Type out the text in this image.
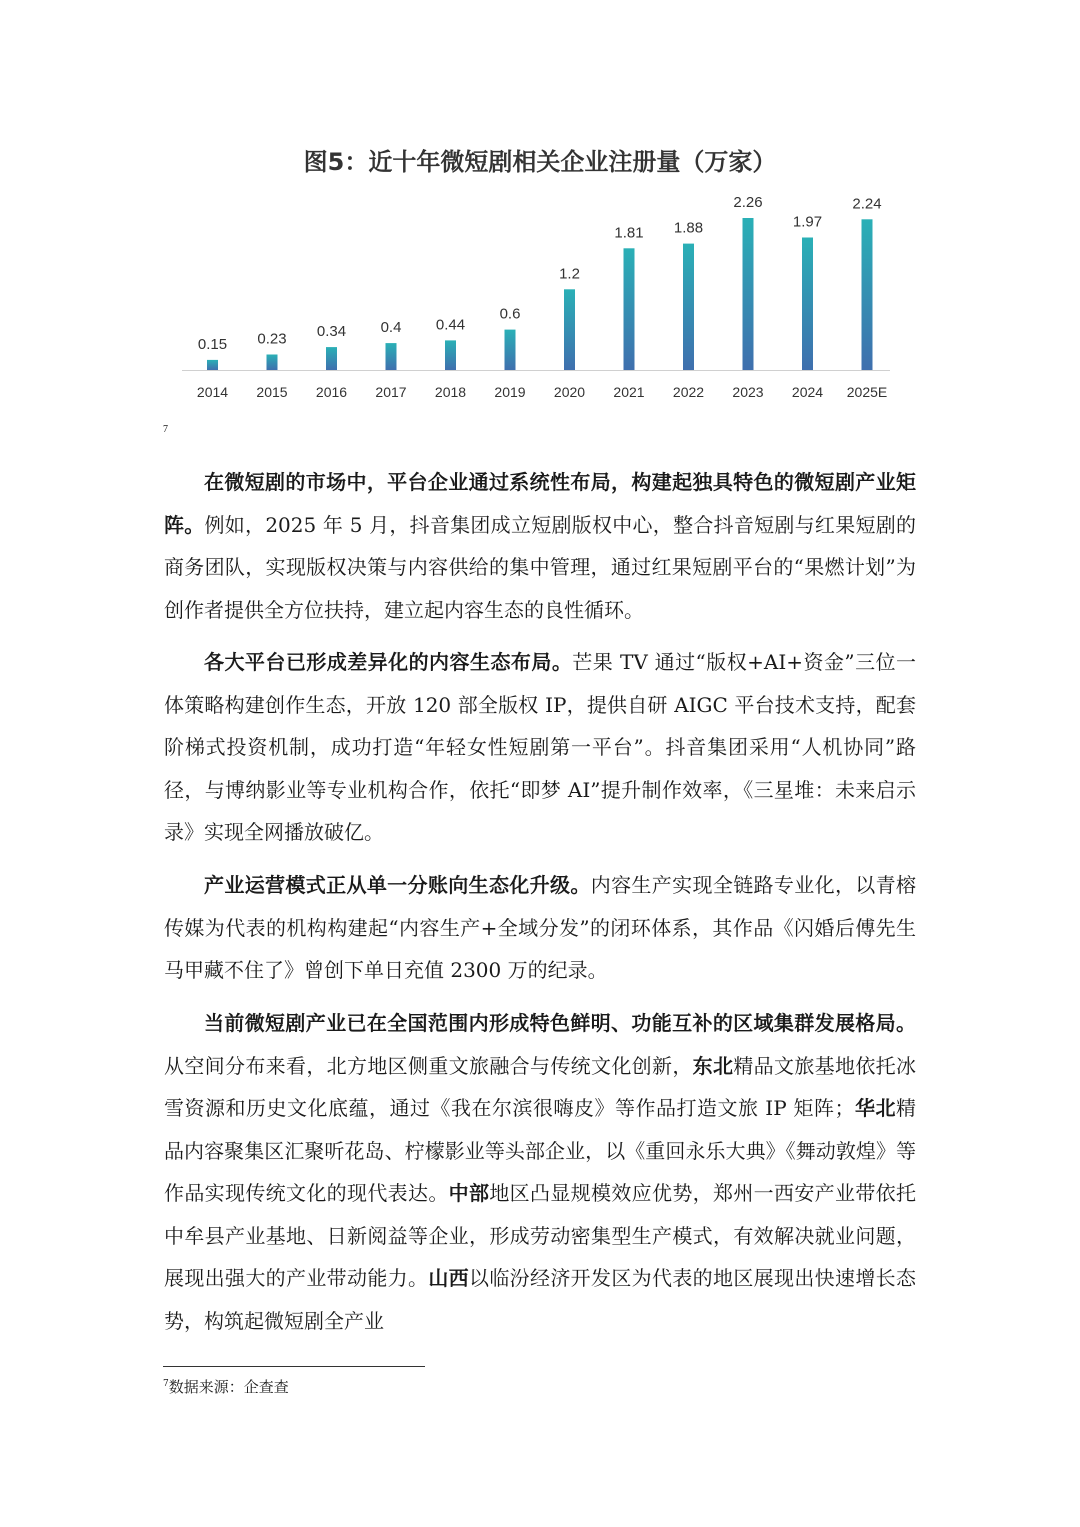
图5：近十年微短剧相关企业注册量（万家）
0.15
2014
0.23
2015
0.34
2016
0.4
2017
0.44
2018
0.6
2019
1.2
2020
1.81
2021
1.88
2022
2.26
2023
1.97
2024
2.24
2025E
7

在微短剧的市场中，平台企业通过系统性布局，构建起独具特色的微短剧产业矩阵。例如，2025 年 5 月，抖音集团成立短剧版权中心，整合抖音短剧与红果短剧的商务团队，实现版权决策与内容供给的集中管理，通过红果短剧平台的“果燃计划”为创作者提供全方位扶持，建立起内容生态的良性循环。

各大平台已形成差异化的内容生态布局。芒果 TV 通过“版权+AI+资金”三位一体策略构建创作生态，开放 120 部全版权 IP，提供自研 AIGC 平台技术支持，配套阶梯式投资机制，成功打造“年轻女性短剧第一平台”。抖音集团采用“人机协同”路径，与博纳影业等专业机构合作，依托“即梦 AI”提升制作效率，《三星堆：未来启示录》实现全网播放破亿。

产业运营模式正从单一分账向生态化升级。内容生产实现全链路专业化，以青榕传媒为代表的机构构建起“内容生产+全域分发”的闭环体系，其作品《闪婚后傅先生马甲藏不住了》曾创下单日充值 2300 万的纪录。

当前微短剧产业已在全国范围内形成特色鲜明、功能互补的区域集群发展格局。从空间分布来看，北方地区侧重文旅融合与传统文化创新，东北精品文旅基地依托冰雪资源和历史文化底蕴，通过《我在尔滨很嗨皮》等作品打造文旅 IP 矩阵；华北精品内容聚集区汇聚听花岛、柠檬影业等头部企业，以《重回永乐大典》《舞动敦煌》等作品实现传统文化的现代表达。中部地区凸显规模效应优势，郑州一西安产业带依托中牟县产业基地、日新阅益等企业，形成劳动密集型生产模式，有效解决就业问题，展现出强大的产业带动能力。山西以临汾经济开发区为代表的地区展现出快速增长态势，构筑起微短剧全产业

$^7$数据来源：企查查
